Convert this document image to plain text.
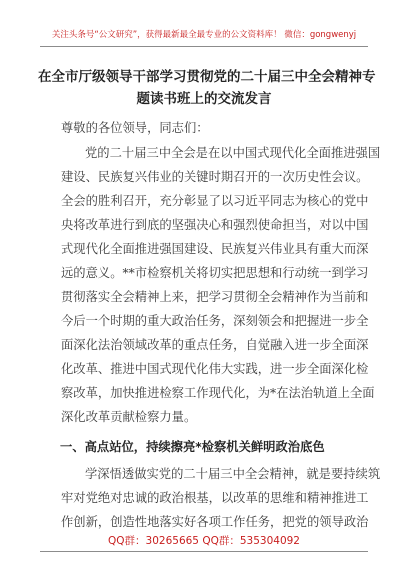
关注头条号“公文研究”，获得最新最全最专业的公文资料库！ 微信：gongwenyj
在全市厅级领导干部学习贯彻党的二十届三中全会精神专
题读书班上的交流发言
尊敬的各位领导，同志们：
党的二十届三中全会是在以中国式现代化全面推进强国
建设、民族复兴伟业的关键时期召开的一次历史性会议。
全会的胜利召开，充分彰显了以习近平同志为核心的党中
央将改革进行到底的坚强决心和强烈使命担当，对以中国
式现代化全面推进强国建设、民族复兴伟业具有重大而深
远的意义。**市检察机关将切实把思想和行动统一到学习
贯彻落实全会精神上来，把学习贯彻全会精神作为当前和
今后一个时期的重大政治任务，深刻领会和把握进一步全
面深化法治领域改革的重点任务，自觉融入进一步全面深
化改革、推进中国式现代化伟大实践，进一步全面深化检
察改革，加快推进检察工作现代化，为*在法治轨道上全面
深化改革贡献检察力量。
一、高点站位，持续擦亮*检察机关鲜明政治底色
学深悟透做实党的二十届三中全会精神，就是要持续筑
牢对党绝对忠诚的政治根基，以改革的思维和精神推进工
作创新，创造性地落实好各项工作任务，把党的领导政治
QQ群：30265665 QQ群：535304092
